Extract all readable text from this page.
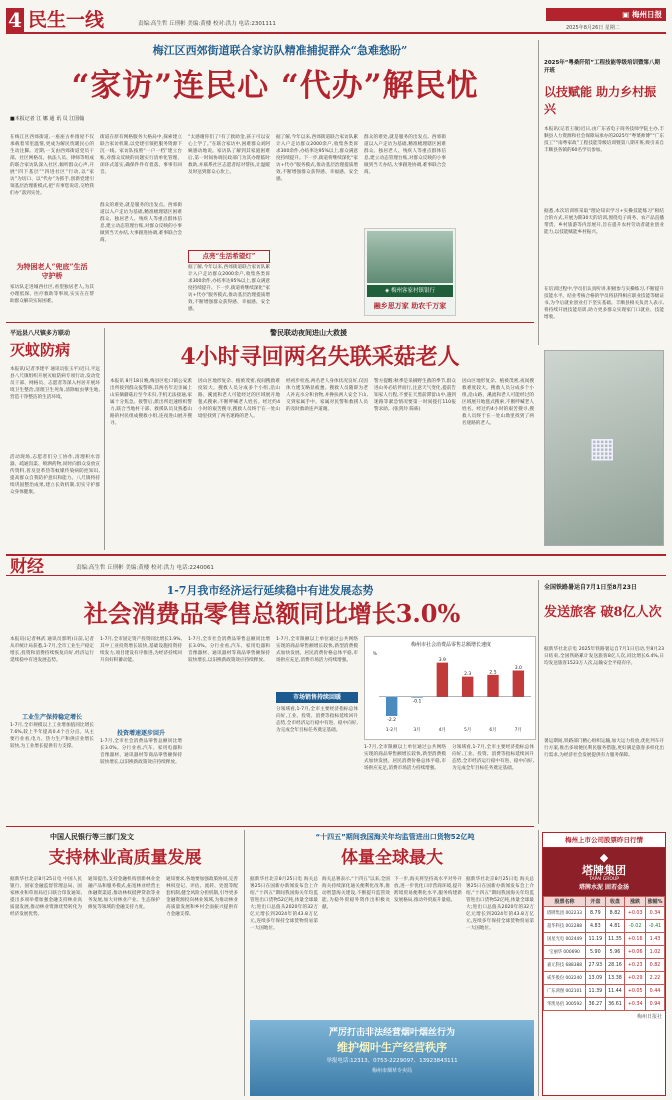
4 民生一线	责编:高生哲 丘刑彬 美编:黄楼 校对:洪力 电话:2301111
▣ 梅州日报
2025年8月26日 星期二
梅江区西郊街道联合家访队精准捕捉群众“急难愁盼”
“家访”连民心 “代办”解民忧
■本报记者 江 娜 通 讯 员 江国翰
在梅江区西郊街道,一座座古朴围屋不仅承载着邻里温情,更成为解民忧暖民心的生动注脚。近期,一支由西郊街道党员干部、社区网格员、执法人员、律师等组成的联合家访队深入社区,倾听群众心声,开展“四下基层”“四进社区”行动,以“家访”为切口、以“代办”为抓手,创新党建引领基层治理新模式,把“有事您说话,交给我们办”落到实处。
为特困老人“兜底”生活守护桥
家访队走进城西社区,看望独居老人,为其办理低保、医疗救助等事项,实实在在帮助群众解决实际困难。
街道在原有网格服务大格局中,探索建立联合家访机制,以党建引领把服务资源下沉一线。家访队按照“一户一档”建立台账,对群众反映的问题实行清单化管理、闭环式落实,确保件件有着落、事事有回音。
群众的难处,就是服务的出发点。西郊街道以入户走访为基础,精准梳理辖区困难群众、独居老人、残疾人等重点群体信息,建立动态管理台账,对群众反映的小事做到当天办结,大事跟进协调,难事联合会商。
“太感谢你们了!有了救助金,孩子可以安心上学了。”在联合家访中,困难群众刘阿姨感动地说。家访队了解到其家庭困难后,第一时间协调民政部门为其办理临时救助,并联系社区志愿者结对帮扶,让温暖及时送到群众心坎上。
点亮“生活希望灯”
据了解,今年以来,西郊街道联合家访队累计入户走访群众2000余户,收集各类诉求300余件,办结率达95%以上,群众满意度持续提升。下一步,街道将继续深化“家访+代办”服务模式,推动基层治理提质增效,不断增强群众获得感、幸福感、安全感。
据了解,今年以来,西郊街道联合家访队累计入户走访群众2000余户,收集各类诉求300余件,办结率达95%以上,群众满意度持续提升。下一步,街道将继续深化“家访+代办”服务模式,推动基层治理提质增效,不断增强群众获得感、幸福感、安全感。
群众的难处,就是服务的出发点。西郊街道以入户走访为基础,精准梳理辖区困难群众、独居老人、残疾人等重点群体信息,建立动态管理台账,对群众反映的小事做到当天办结,大事跟进协调,难事联合会商。
◈ 梅州客家村镇银行
融乡思万家 助农千万家
2025年“粤桑阡陌”工程技能等级培训暨第八期开班
以技赋能 助力乡村振兴
本报讯(记者王敏)近日,由广东省电子商务技师学院主办,丰顺县人力资源和社会保障局承办的2025年“粤菜师傅”“广东技工”“南粤家政”工程技能等级培训暨第八期开班,吸引来自丰顺县各镇的60名学员参加。
据悉,本次培训班采取“理论知识学习+实操技能练习”相结合的方式,开展为期30天的培训,围绕电子商务、农产品直播带货、乡村旅游等内容展开,旨在提升农村劳动者就业创业能力,以技能赋能乡村振兴。
在培训过程中,学员们认真听讲,积极参与实操练习,不断提升技能水平。结业考核合格的学员将获得相应职业技能等级证书,为今后就业创业打下坚实基础。丰顺县相关负责人表示,将持续开展技能培训,助力更多群众实现家门口就业、技能增收。
平远县八尺镇多方联动
灭蚊防病
本报讯(记者李建平 通讯员张玉平)近日,平远县八尺镇组织开展灭蚊防病专项行动,发动党员干部、网格员、志愿者等深入村居开展环境卫生整治,清理卫生死角,清除蚊虫孳生地,营造干净整洁的生活环境。
活动现场,志愿者们分工协作,清理积水容器、疏通沟渠、喷洒药物,同时向群众发放宣传资料,普及登革热等蚊媒传染病防控知识,提高群众自我防护意识和能力。八尺镇将持续巩固整治成果,建立长效机制,切实守护群众身体健康。
警民联动夜间进山大救援
4小时寻回两名失联采菇老人
本报讯 8月18日晚,梅县区松口镇公安派出所接到群众报警称,其两名年迈亲属上山采摘蘑菇后至今未归,手机无法接通,家属十分焦急。接警后,派出所迅速组织警力,联合当地村干部、救援队员及熟悉山路的村民组成搜救小组,连夜进山展开搜寻。
因山区地形复杂、植被茂密,夜间搜救难度较大。搜救人员分成多个小组,沿山路、溪流和老人可能经过的区域展开地毯式搜索,不断呼喊老人姓名。经过约4小时的艰苦搜寻,搜救人员终于在一处山坳里找到了两名迷路的老人。
经初步检查,两名老人身体状况良好,仅因体力透支略显疲惫。搜救人员随即为老人补充水分和食物,并搀扶两人安全下山,交到家属手中。家属对民警和救援人员的及时救助连声道谢。
警方提醒:秋季是采摘野生菌的季节,群众进山务必结伴而行,注意天气变化,提前告知家人行程,不要在天黑前滞留山中,遇到迷路等紧急情况要第一时间拨打110报警求助。(张剑玲 陈栋)
因山区地形复杂、植被茂密,夜间搜救难度较大。搜救人员分成多个小组,沿山路、溪流和老人可能经过的区域展开地毯式搜索,不断呼喊老人姓名。经过约4小时的艰苦搜寻,搜救人员终于在一处山坳里找到了两名迷路的老人。
▦
财经	责编:高生哲 丘刑彬 美编:黄楼 校对:洪力 电话:2240061
1-7月我市经济运行延续稳中有进发展态势
社会消费品零售总额同比增长3.0%
本报讯(记者林武 通讯员郭明)日前,记者从市统计局获悉,1-7月,全市工业生产稳定增长,投资和消费持续恢复向好,经济运行延续稳中有进发展态势。
工业生产保持稳定增长
1-7月,全市规模以上工业增加值同比增长7.6%,较上半年提高0.4个百分点。从主要行业看,电力、热力生产和供应业增长较快,为工业增长提供有力支撑。
1-7月,全市固定资产投资同比增长1.9%,其中工业投资增长较快,基础设施投资持续发力,项目建设有序推进,为经济持续回升向好积蓄动能。
投资增速逐步回升
1-7月,全市社会消费品零售总额同比增长3.0%。分行业看,汽车、家用电器和音像器材、通讯器材等商品零售额保持较快增长,以旧换新政策效应持续释放。
1-7月,全市社会消费品零售总额同比增长3.0%。分行业看,汽车、家用电器和音像器材、通讯器材等商品零售额保持较快增长,以旧换新政策效应持续释放。
1-7月,全市限额以上单位通过公共网络实现的商品零售额增长较快,新型消费模式加快发展。居民消费价格总体平稳,市场供应充足,消费市场活力持续增强。
市场销售持续回暖
分领域看,1-7月,全市主要经济指标总体向好,工业、投资、消费等指标延续回升态势,全市经济运行稳中有进、稳中向好,为完成全年目标任务奠定基础。
梅州市社会消费品零售总额增长速度
-2.2
1-2月
-0.1
3月
3.9
4月
2.3
5月
2.5
6月
3.0
7月
%
1-7月,全市限额以上单位通过公共网络实现的商品零售额增长较快,新型消费模式加快发展。居民消费价格总体平稳,市场供应充足,消费市场活力持续增强。
分领域看,1-7月,全市主要经济指标总体向好,工业、投资、消费等指标延续回升态势,全市经济运行稳中有进、稳中向好,为完成全年目标任务奠定基础。
全国铁路暑运自7月1日至8月23日
发送旅客 破8亿人次
据新华社北京电 2025年铁路暑运自7月1日启动,至8月23日结束,全国铁路累计发送旅客8亿人次,同比增长6.4%,日均发送旅客1523万人次,运输安全平稳有序。
暑运期间,铁路部门精心组织运输,加大运力投放,优化列车开行方案,推出多项便民利民服务措施,更好满足旅客多样化出行需求,为经济社会发展提供有力服务保障。
中国人民银行等三部门发文
支持林业高质量发展
据新华社北京8月25日电 中国人民银行、国家金融监督管理总局、国家林业和草原局近日联合印发通知,提出多项举措加强金融支持林业高质量发展,推动林业资源优势转化为经济发展优势。
通知提出,支持金融机构创新林业金融产品和服务模式,拓宽林业经营主体融资渠道,推动林权抵押贷款等业务发展,加大对林业产业、生态保护修复等领域的金融支持力度。
通知要求,各地要加强政策协同,完善林权登记、评估、流转、处置等配套机制,健全风险分担机制,引导更多金融资源投向林业领域,为推动林业高质量发展和乡村全面振兴提供有力金融支撑。
“十四五”期间我国海关年均监管进出口货物52亿吨
体量全球最大
据新华社北京8月25日电 海关总署25日在国新办新闻发布会上介绍,“十四五”期间我国海关年均监管进出口货物52亿吨,体量全球最大;进出口总值从2020年的32万亿元增长到2024年的43.8万亿元,连续多年保持全球货物贸易第一大国地位。
海关总署表示,“十四五”以来,全国海关持续深化通关便利化改革,推动智慧海关建设,不断提升监管效能,为稳外贸稳外资作出积极贡献。
下一步,海关将坚持高水平对外开放,进一步优化口岸营商环境,提升跨境贸易便利化水平,服务构建新发展格局,推动外贸质升量稳。
据新华社北京8月25日电 海关总署25日在国新办新闻发布会上介绍,“十四五”期间我国海关年均监管进出口货物52亿吨,体量全球最大;进出口总值从2020年的32万亿元增长到2024年的43.8万亿元,连续多年保持全球货物贸易第一大国地位。
严厉打击非法经营烟叶烟丝行为
维护烟叶生产经营秩序
举报电话:12313、0753-2229097、13923843111
梅州市烟草专卖局
梅州上市公司股票昨日行情
◆
塔牌集团
TAPAI GROUP
塔牌水泥 固若金汤
股票名称	开盘	收盘	涨跌	涨幅%
塔牌集团 002233	8.79	8.82	+0.03	0.34
超华科技 002288	4.83	4.81	-0.02	-0.41
国星光电 002449	11.19	11.35	+0.16	1.43
宝丽华 000690	5.90	5.96	+0.06	1.02
嘉元科技 688388	27.93	28.16	+0.23	0.82
威华股份 002240	13.09	13.38	+0.29	2.22
广东鸿图 002101	11.39	11.44	+0.05	0.44
华凯易佰 300592	36.27	36.61	+0.34	0.94
梅州日报社
